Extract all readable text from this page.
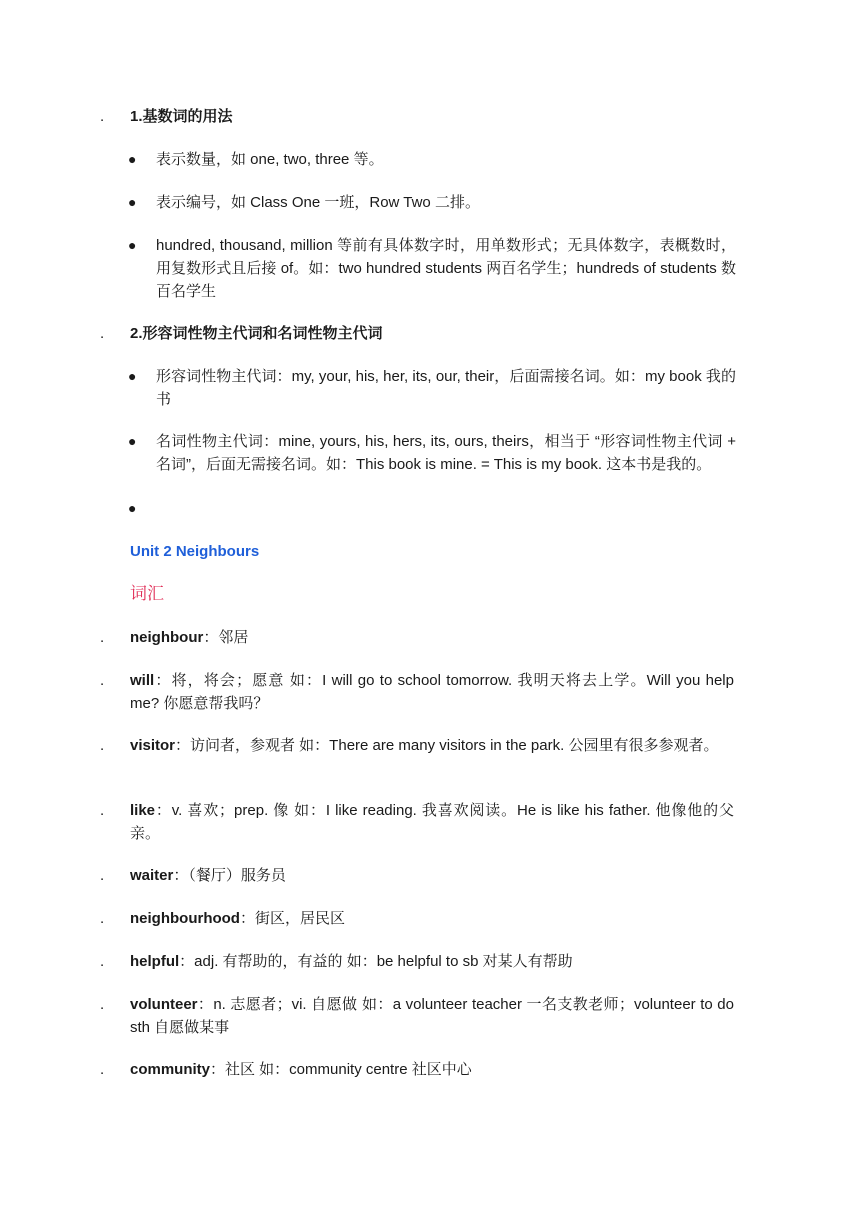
. 1.基数词的用法
● 表示数量，如 one, two, three 等。
● 表示编号，如 Class One 一班，Row Two 二排。
● hundred, thousand, million 等前有具体数字时，用单数形式；无具体数字，表概数时，用复数形式且后接 of。如：two hundred students 两百名学生；hundreds of students 数百名学生
. 2.形容词性物主代词和名词性物主代词
● 形容词性物主代词：my, your, his, her, its, our, their，后面需接名词。如：my book 我的书
● 名词性物主代词：mine, yours, his, hers, its, ours, theirs，相当于 “形容词性物主代词 + 名词”，后面无需接名词。如：This book is mine. = This is my book. 这本书是我的。
●
Unit 2 Neighbours
词汇
. neighbour：邻居
. will：将，将会；愿意 如：I will go to school tomorrow. 我明天将去上学。Will you help me? 你愿意帮我吗？
. visitor：访问者，参观者 如：There are many visitors in the park. 公园里有很多参观者。
. like：v. 喜欢；prep. 像 如：I like reading. 我喜欢阅读。He is like his father. 他像他的父亲。
. waiter：（餐厅）服务员
. neighbourhood：街区，居民区
. helpful：adj. 有帮助的，有益的 如：be helpful to sb 对某人有帮助
. volunteer：n. 志愿者；vi. 自愿做 如：a volunteer teacher 一名支教老师；volunteer to do sth 自愿做某事
. community：社区 如：community centre 社区中心
